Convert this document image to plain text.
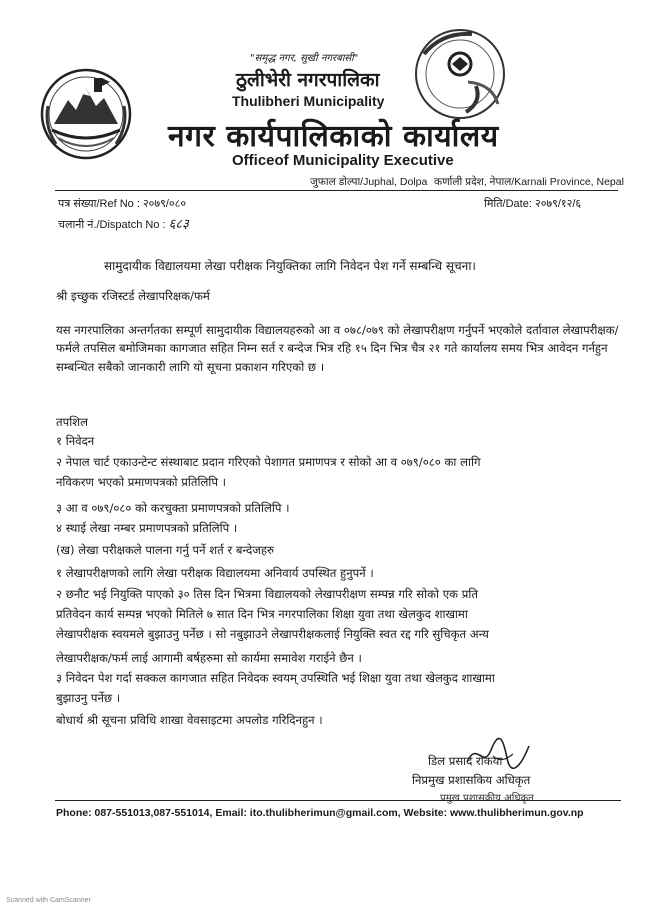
"समृद्ध नगर, सुखी नगरबासी"
ठुलीभेरी नगरपालिका
Thulibheri Municipality
नगर कार्यपालिकाको कार्यालय
Officeof Municipality Executive
जुफाल डोल्पा/Juphal, Dolpa कर्णाली प्रदेश, नेपाल/Karnali Province, Nepal
पत्र संख्या/Ref No : २०७९/०८०
चलानी नं./Dispatch No : ६८३
मिति/Date: २०७९/१२/६
सामुदायीक विद्यालयमा लेखा परीक्षक नियुक्तिका लागि निवेदन पेश गर्ने सम्बन्धि सूचना।
श्री इच्छुक रजिस्टर्ड लेखापरिक्षक/फर्म
यस नगरपालिका अन्तर्गतका सम्पूर्ण सामुदायीक विद्यालयहरुको आ व ०७८/०७९ को लेखापरीक्षण गर्नुपर्ने भएकोले दर्तावाल लेखापरीक्षक/फर्मले तपसिल बमोजिमका कागजात सहित निम्न सर्त र बन्देज भित्र रहि १५ दिन भित्र चैत्र २१ गते कार्यालय समय भित्र आवेदन गर्नहुन सम्बन्धित सबैको जानकारी लागि यो सूचना प्रकाशन गरिएको छ ।
तपशिल
१ निवेदन
२ नेपाल चार्ट एकाउन्टेन्ट संस्थाबाट प्रदान गरिएको पेशागत प्रमाणपत्र र सोको आ व ०७९/०८० का लागि
नविकरण भएको प्रमाणपत्रको प्रतिलिपि ।
३ आ व ०७९/०८० को करचुक्ता प्रमाणपत्रको प्रतिलिपि ।
४ स्थाई लेखा नम्बर प्रमाणपत्रको प्रतिलिपि ।
(ख) लेखा परीक्षकले पालना गर्नु पर्ने शर्त र बन्देजहरु
१ लेखापरीक्षणको लागि लेखा परीक्षक विद्यालयमा अनिवार्य उपस्थित हुनुपर्ने ।
२ छनौट भई नियुक्ति पाएको ३० तिस दिन भित्रमा विद्यालयको लेखापरीक्षण सम्पन्न गरि सोको एक प्रति
प्रतिवेदन कार्य सम्पन्न भएको मितिले ७ सात दिन भित्र नगरपालिका शिक्षा युवा तथा खेलकुद शाखामा
लेखापरीक्षक स्वयमले बुझाउनु पर्नेछ । सो नबुझाउने लेखापरीक्षकलाई नियुक्ति स्वत रद्द गरि सुचिकृत अन्य
लेखापरीक्षक/फर्म लाई आगामी बर्षहरुमा सो कार्यमा समावेश गराईने छैन ।
३ निवेदन पेश गर्दा सक्कल कागजात सहित निवेदक स्वयम् उपस्थिति भई शिक्षा युवा तथा खेलकुद शाखामा
बुझाउनु पर्नेछ ।
बोधार्थ श्री सूचना प्रविधि शाखा वेवसाइटमा अपलोड गरिदिनहुन ।
डिल प्रसाद रोकया
निप्रमुख प्रशासकिय अधिकृत
प्रमुख प्रशासकीय अधिकृत
Phone: 087-551013,087-551014, Email: ito.thulibherimun@gmail.com, Website: www.thulibherimun.gov.np
Scanned with CamScanner
